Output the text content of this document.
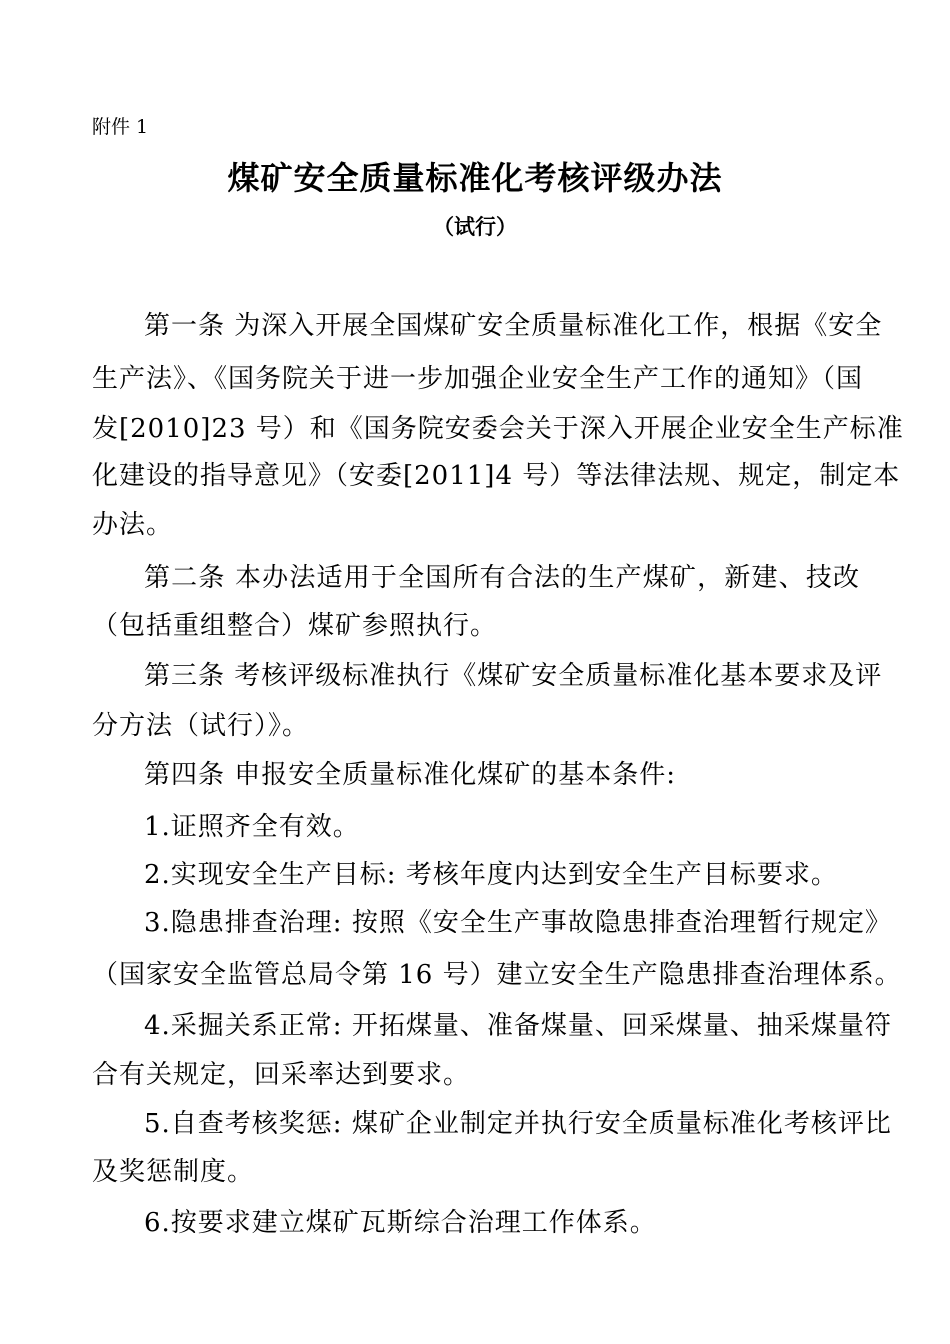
附件 1
煤矿安全质量标准化考核评级办法
（试行）
第一条 为深入开展全国煤矿安全质量标准化工作，根据《安全
生产法》、《国务院关于进一步加强企业安全生产工作的通知》（国
发[2010]23 号）和《国务院安委会关于深入开展企业安全生产标准
化建设的指导意见》（安委[2011]4 号）等法律法规、规定，制定本
办法。
第二条 本办法适用于全国所有合法的生产煤矿，新建、技改
（包括重组整合）煤矿参照执行。
第三条 考核评级标准执行《煤矿安全质量标准化基本要求及评
分方法（试行）》。
第四条 申报安全质量标准化煤矿的基本条件:
1.证照齐全有效。
2.实现安全生产目标: 考核年度内达到安全生产目标要求。
3.隐患排查治理: 按照《安全生产事故隐患排查治理暂行规定》
（国家安全监管总局令第 16 号）建立安全生产隐患排查治理体系。
4.采掘关系正常: 开拓煤量、准备煤量、回采煤量、抽采煤量符
合有关规定，回采率达到要求。
5.自查考核奖惩: 煤矿企业制定并执行安全质量标准化考核评比
及奖惩制度。
6.按要求建立煤矿瓦斯综合治理工作体系。
